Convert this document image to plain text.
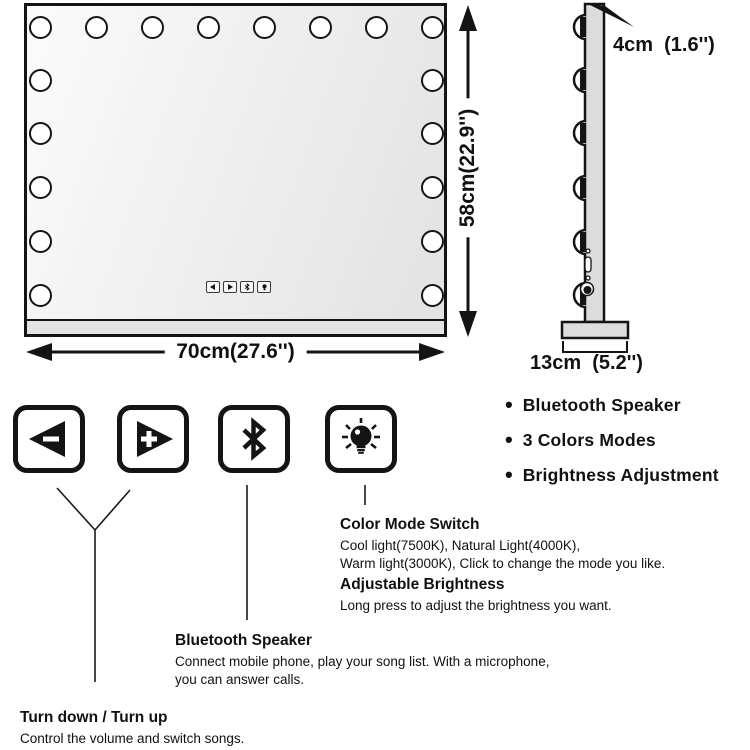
70cm(27.6'')
58cm(22.9'')
4cm  (1.6'')
13cm  (5.2'')
• Bluetooth Speaker
• 3 Colors Modes
• Brightness Adjustment
Color Mode Switch
Cool light(7500K), Natural Light(4000K),
Warm light(3000K), Click to change the mode you like.
Adjustable Brightness
Long press to adjust the brightness you want.
Bluetooth Speaker
Connect mobile phone, play your song list. With a microphone,
you can answer calls.
Turn down / Turn up
Control the volume and switch songs.
